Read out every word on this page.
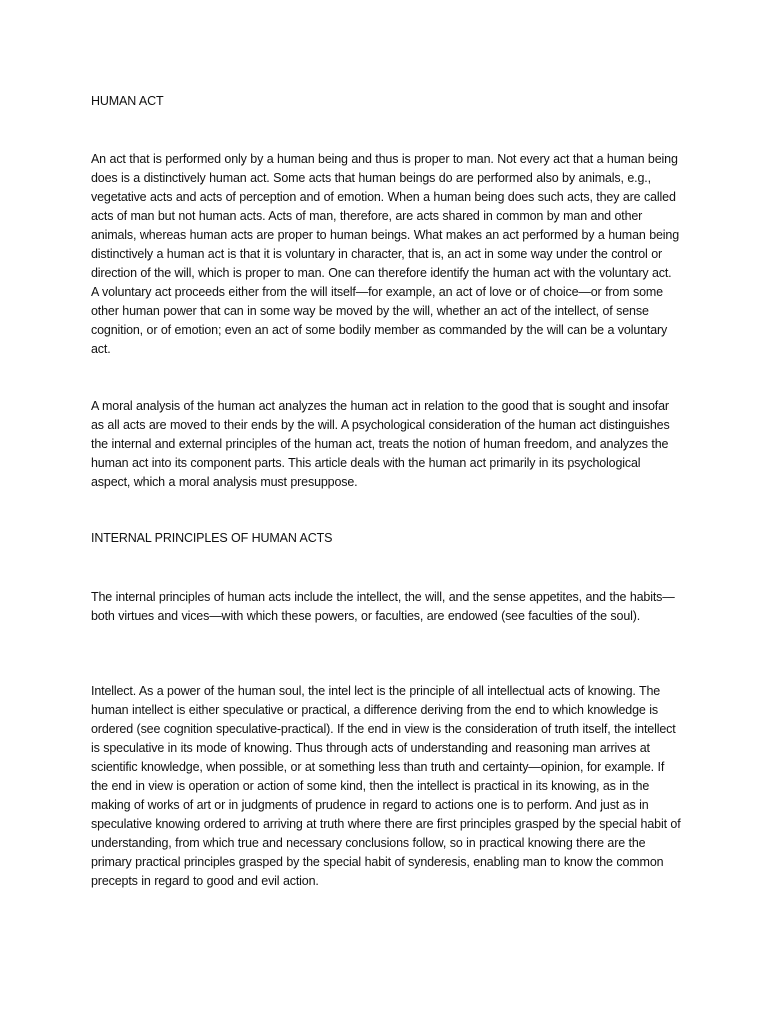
HUMAN ACT

An act that is performed only by a human being and thus is proper to man. Not every act that a human being does is a distinctively human act. Some acts that human beings do are performed also by animals, e.g., vegetative acts and acts of perception and of emotion. When a human being does such acts, they are called acts of man but not human acts. Acts of man, therefore, are acts shared in common by man and other animals, whereas human acts are proper to human beings. What makes an act performed by a human being distinctively a human act is that it is voluntary in character, that is, an act in some way under the control or direction of the will, which is proper to man. One can therefore identify the human act with the voluntary act. A voluntary act proceeds either from the will itself—for example, an act of love or of choice—or from some other human power that can in some way be moved by the will, whether an act of the intellect, of sense cognition, or of emotion; even an act of some bodily member as commanded by the will can be a voluntary act.

A moral analysis of the human act analyzes the human act in relation to the good that is sought and insofar as all acts are moved to their ends by the will. A psychological consideration of the human act distinguishes the internal and external principles of the human act, treats the notion of human freedom, and analyzes the human act into its component parts. This article deals with the human act primarily in its psychological aspect, which a moral analysis must presuppose.

INTERNAL PRINCIPLES OF HUMAN ACTS

The internal principles of human acts include the intellect, the will, and the sense appetites, and the habits— both virtues and vices—with which these powers, or faculties, are endowed (see faculties of the soul).

Intellect. As a power of the human soul, the intel lect is the principle of all intellectual acts of knowing. The human intellect is either speculative or practical, a difference deriving from the end to which knowledge is ordered (see cognition speculative-practical). If the end in view is the consideration of truth itself, the intellect is speculative in its mode of knowing. Thus through acts of understanding and reasoning man arrives at scientific knowledge, when possible, or at something less than truth and certainty—opinion, for example. If the end in view is operation or action of some kind, then the intellect is practical in its knowing, as in the making of works of art or in judgments of prudence in regard to actions one is to perform. And just as in speculative knowing ordered to arriving at truth where there are first principles grasped by the special habit of understanding, from which true and necessary conclusions follow, so in practical knowing there are the primary practical principles grasped by the special habit of synderesis, enabling man to know the common precepts in regard to good and evil action.
